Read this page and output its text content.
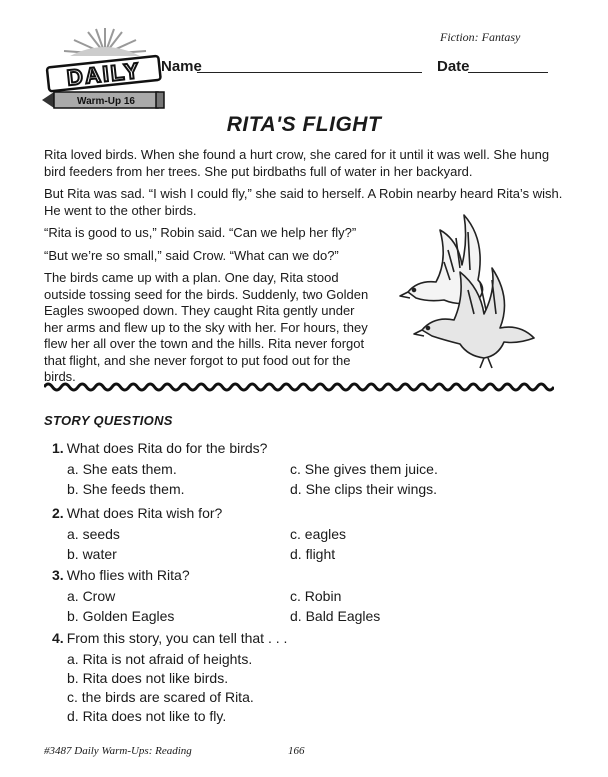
Fiction: Fantasy
DAILY
Warm-Up 16
Name	Date
RITA'S FLIGHT

Rita loved birds. When she found a hurt crow, she cared for it until it was well. She hung bird feeders from her trees. She put birdbaths full of water in her backyard.

But Rita was sad. “I wish I could fly,” she said to herself. A Robin nearby heard Rita’s wish. He went to the other birds.

“Rita is good to us,” Robin said. “Can we help her fly?”

“But we’re so small,” said Crow. “What can we do?”

The birds came up with a plan. One day, Rita stood outside tossing seed for the birds. Suddenly, two Golden Eagles swooped down. They caught Rita gently under her arms and flew up to the sky with her. For hours, they flew her all over the town and the hills. Rita never forgot that flight, and she never forgot to put food out for the birds.

STORY QUESTIONS
1. What does Rita do for the birds?
a. She eats them.	c. She gives them juice.
b. She feeds them.	d. She clips their wings.
2. What does Rita wish for?
a. seeds	c. eagles
b. water	d. flight
3. Who flies with Rita?
a. Crow	c. Robin
b. Golden Eagles	d. Bald Eagles
4. From this story, you can tell that . . .
a. Rita is not afraid of heights.
b. Rita does not like birds.
c. the birds are scared of Rita.
d. Rita does not like to fly.
#3487 Daily Warm-Ups: Reading	166
